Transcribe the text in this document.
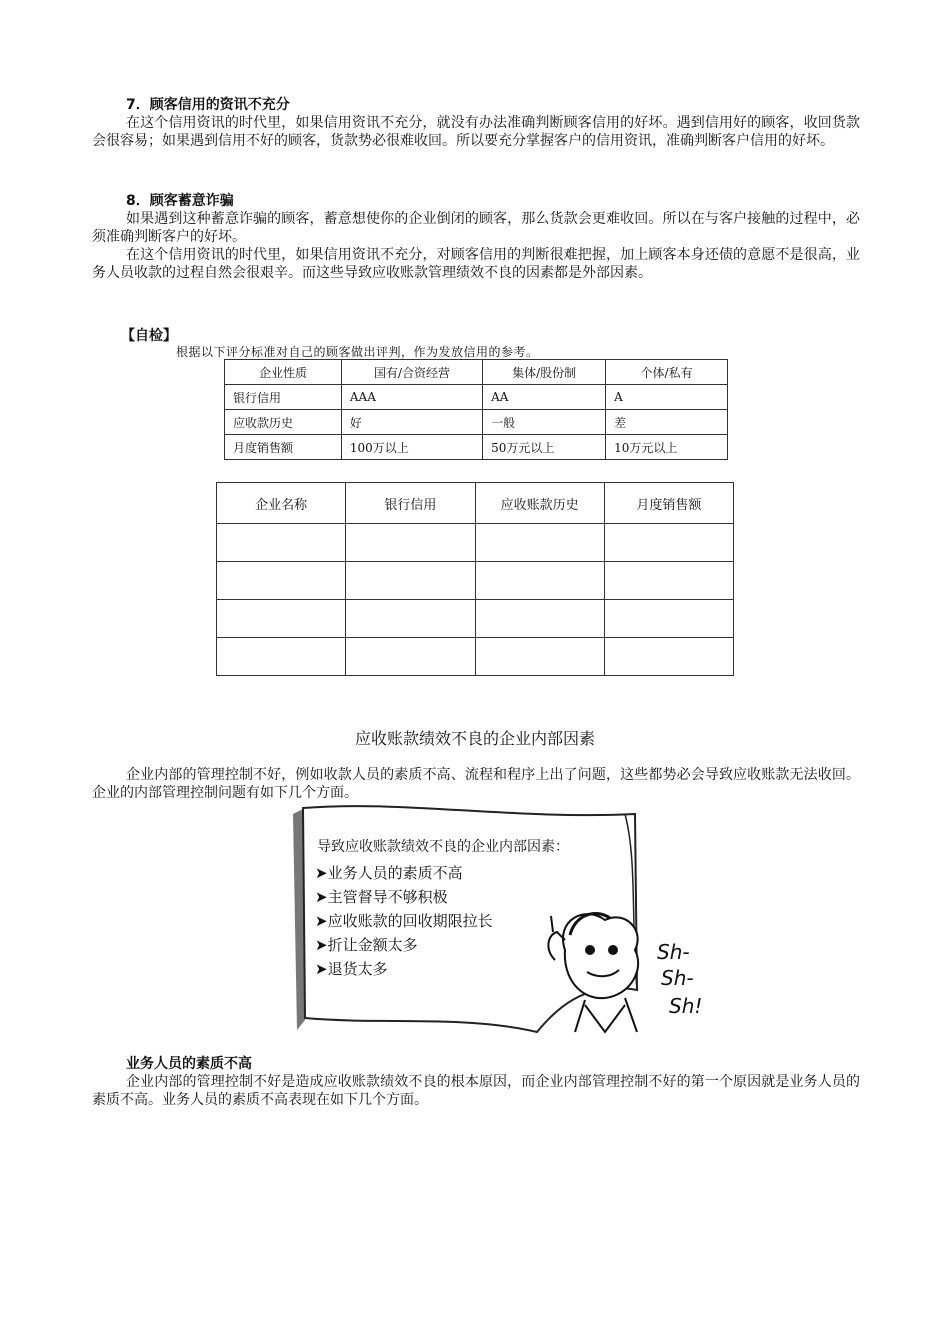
7．顾客信用的资讯不充分

在这个信用资讯的时代里，如果信用资讯不充分，就没有办法准确判断顾客信用的好坏。遇到信用好的顾客，收回货款会很容易；如果遇到信用不好的顾客，货款势必很难收回。所以要充分掌握客户的信用资讯，准确判断客户信用的好坏。

8．顾客蓄意诈骗

如果遇到这种蓄意诈骗的顾客，蓄意想使你的企业倒闭的顾客，那么货款会更难收回。所以在与客户接触的过程中，必须准确判断客户的好坏。

在这个信用资讯的时代里，如果信用资讯不充分，对顾客信用的判断很难把握，加上顾客本身还债的意愿不是很高，业务人员收款的过程自然会很艰辛。而这些导致应收账款管理绩效不良的因素都是外部因素。

【自检】
根据以下评分标准对自己的顾客做出评判，作为发放信用的参考。
企业性质	国有/合资经营	集体/股份制	个体/私有
银行信用	AAA	AA	A
应收款历史	好	一般	差
月度销售额	100万以上	50万元以上	10万元以上
企业名称	银行信用	应收账款历史	月度销售额

应收账款绩效不良的企业内部因素

企业内部的管理控制不好，例如收款人员的素质不高、流程和程序上出了问题，这些都势必会导致应收账款无法收回。企业的内部管理控制问题有如下几个方面。

导致应收账款绩效不良的企业内部因素：
➤业务人员的素质不高
➤主管督导不够积极
➤应收账款的回收期限拉长
➤折让金额太多
➤退货太多
Sh-
Sh-
Sh!
业务人员的素质不高

企业内部的管理控制不好是造成应收账款绩效不良的根本原因，而企业内部管理控制不好的第一个原因就是业务人员的素质不高。业务人员的素质不高表现在如下几个方面。
